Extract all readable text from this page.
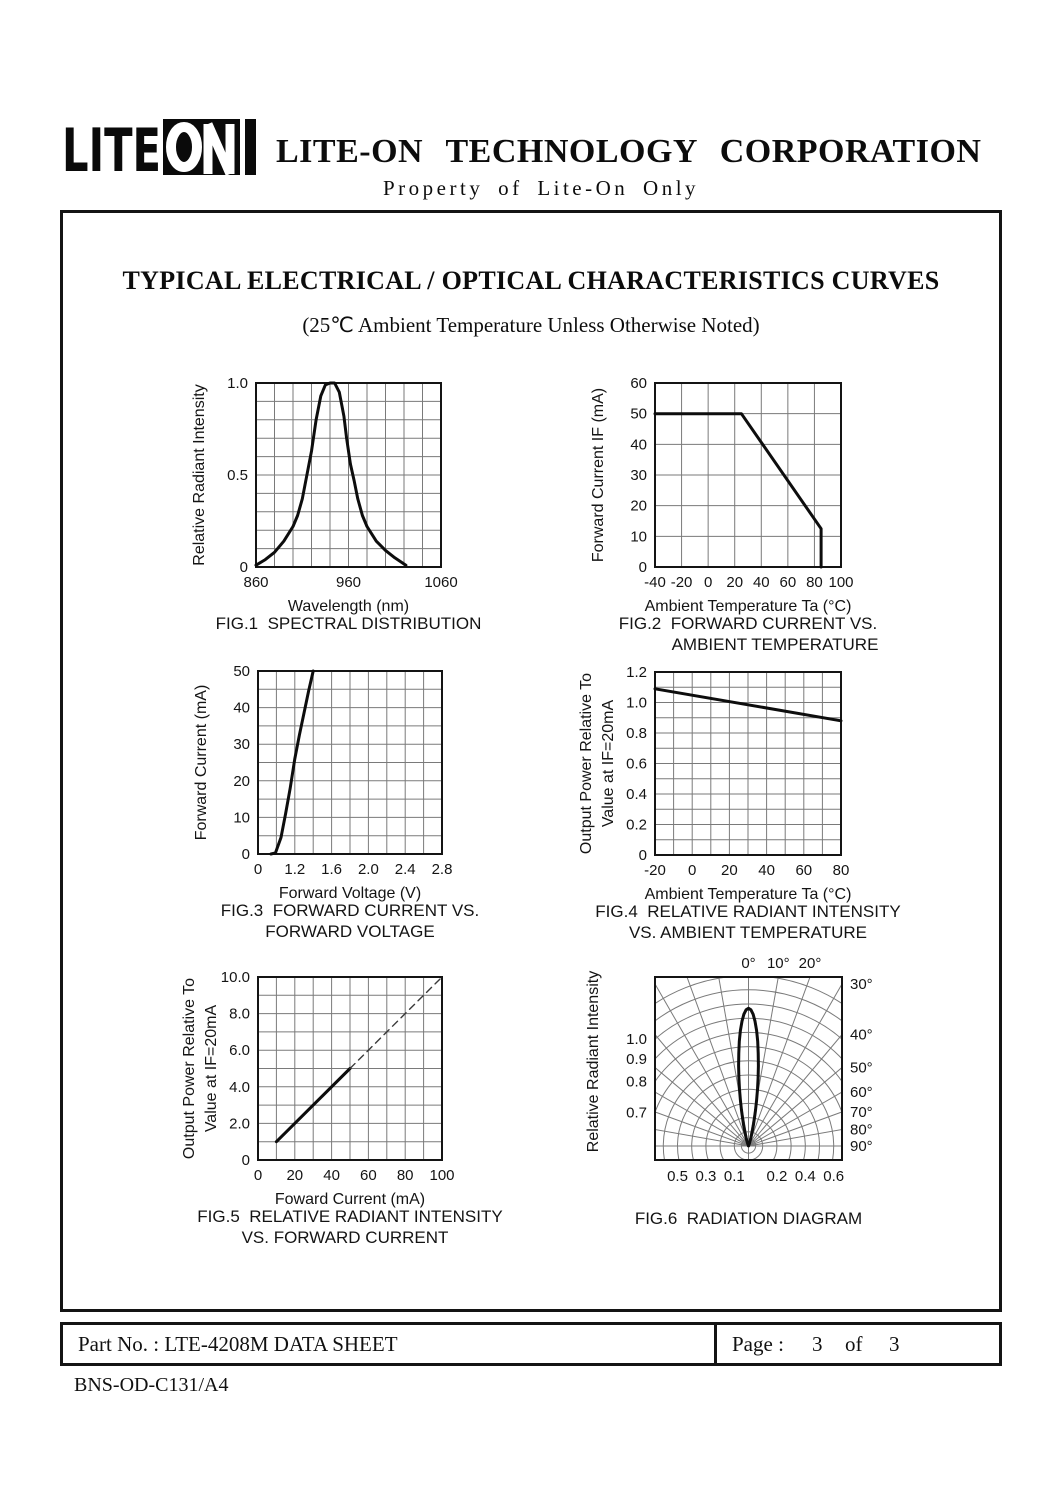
LITE	LITE-ON TECHNOLOGY CORPORATION
Property of Lite-On Only
TYPICAL ELECTRICAL / OPTICAL CHARACTERISTICS CURVES
(25℃ Ambient Temperature Unless Otherwise Noted)
0
0.5
1.0
860	960	1060
Wavelength (nm)
Relative Radiant Intensity
FIG.1  SPECTRAL DISTRIBUTION
0
10
20
30
40
50
60
-40 -20 0 20 40 60 80 100
Ambient Temperature Ta (°C)
Forward Current IF (mA)
FIG.2  FORWARD CURRENT VS.
AMBIENT TEMPERATURE
0
10
20
30
40
50
0 1.2 1.6 2.0 2.4 2.8
Forward Voltage (V)
Forward Current (mA)
FIG.3  FORWARD CURRENT VS.
FORWARD VOLTAGE
0
0.2
0.4
0.6
0.8
1.0
1.2
-20 0 20 40 60 80
Ambient Temperature Ta (°C)
Output Power Relative To Value at IF=20mA
FIG.4  RELATIVE RADIANT INTENSITY
VS. AMBIENT TEMPERATURE
0
2.0
4.0
6.0
8.0
10.0
0 20 40 60 80 100
Foward Current (mA)
Output Power Relative To Value at IF=20mA
FIG.5  RELATIVE RADIANT INTENSITY
VS. FORWARD CURRENT
0° 10° 20°
30°
40°
50°
60°
70°
80°
90°
1.0
0.9
0.8
0.7
0.5 0.3 0.1 0.2 0.4 0.6
Relative Radiant Intensity
FIG.6  RADIATION DIAGRAM
Part No. : LTE-4208M DATA SHEET	Page : 3 of 3
BNS-OD-C131/A4
